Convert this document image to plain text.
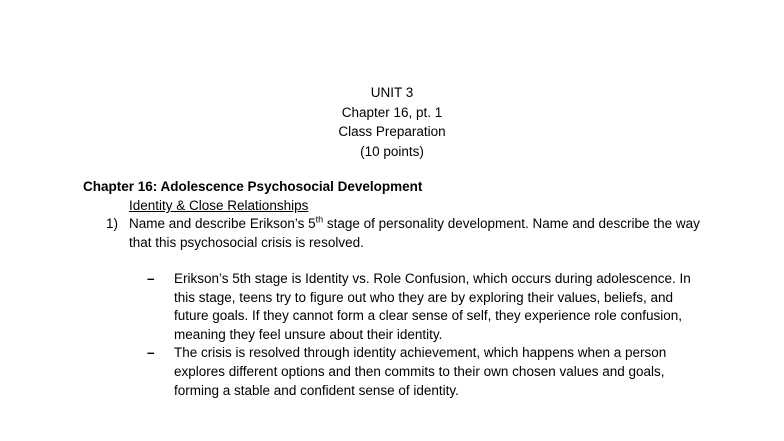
UNIT 3
Chapter 16, pt. 1
Class Preparation
(10 points)
Chapter 16: Adolescence Psychosocial Development
Identity & Close Relationships
1) Name and describe Erikson’s 5th stage of personality development. Name and describe the way that this psychosocial crisis is resolved.
– Erikson’s 5th stage is Identity vs. Role Confusion, which occurs during adolescence. In this stage, teens try to figure out who they are by exploring their values, beliefs, and future goals. If they cannot form a clear sense of self, they experience role confusion, meaning they feel unsure about their identity.
– The crisis is resolved through identity achievement, which happens when a person explores different options and then commits to their own chosen values and goals, forming a stable and confident sense of identity.
